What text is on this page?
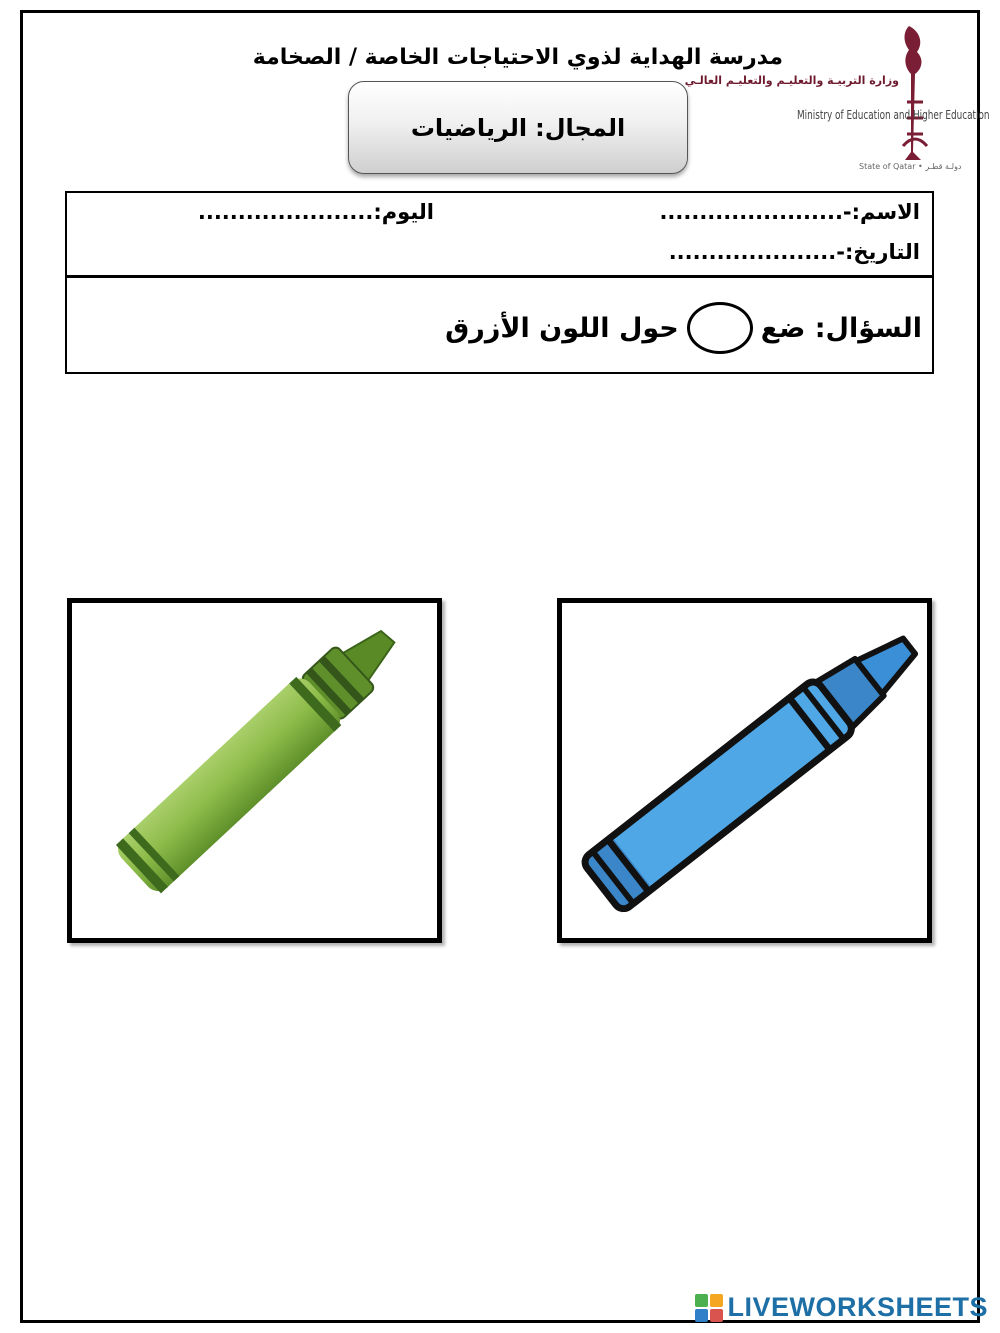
مدرسة الهداية لذوي الاحتياجات الخاصة / الصخامة
وزارة التربيـة والتعليـم والتعليـم العالـي
Ministry of Education and Higher Education
State of Qatar • دولـة قطـر
المجال:
الرياضيات
الاسم:-.......................
اليوم:......................
التاريخ:-.....................
السؤال:

ضع
حول اللون الأزرق
LIVEWORKSHEETS
